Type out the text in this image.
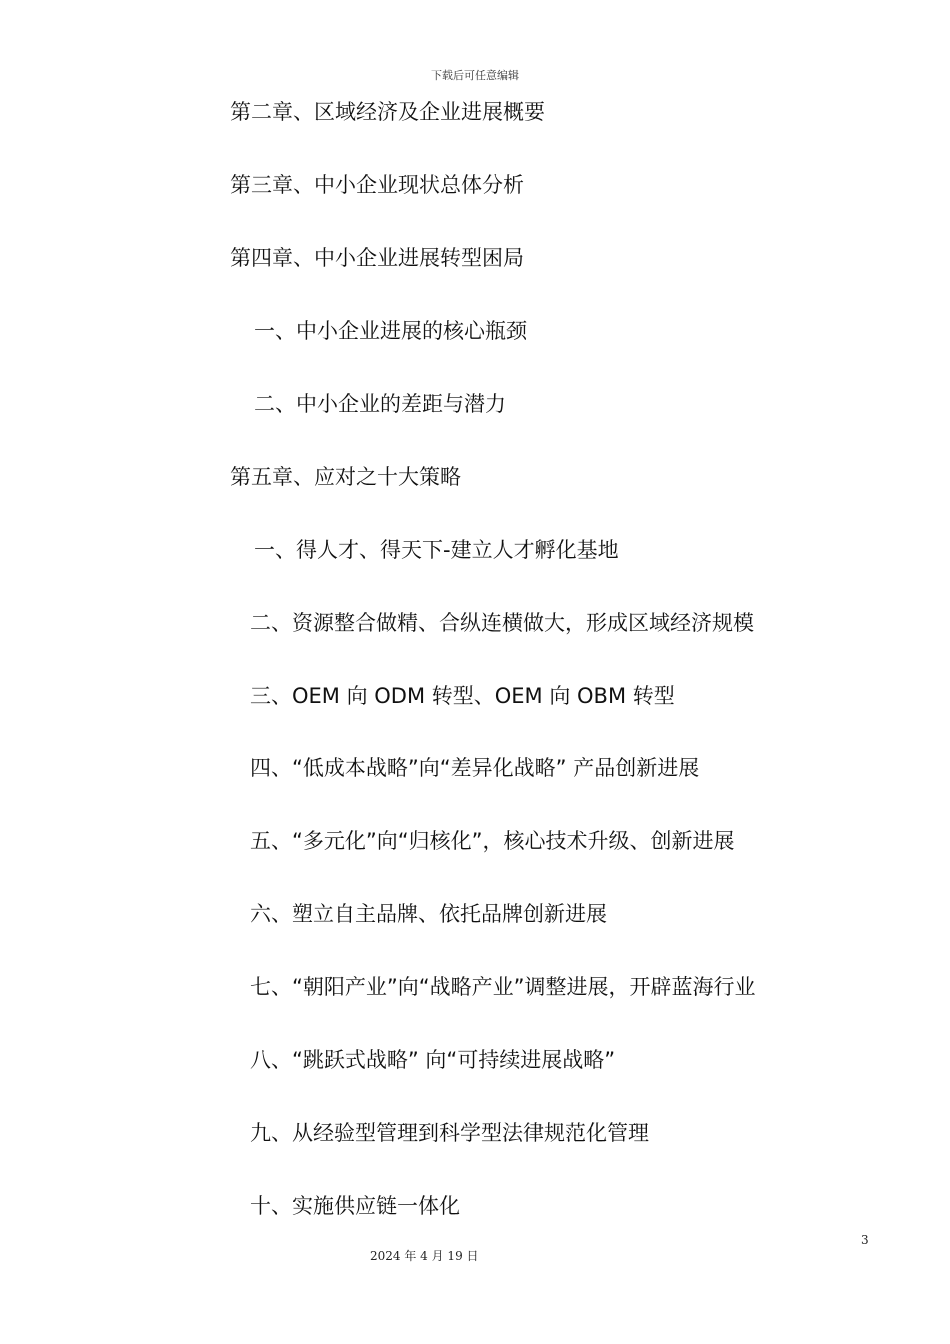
下载后可任意编辑
第二章、区域经济及企业进展概要
第三章、中小企业现状总体分析
第四章、中小企业进展转型困局
一、中小企业进展的核心瓶颈
二、中小企业的差距与潜力
第五章、应对之十大策略
一、得人才、得天下-建立人才孵化基地
二、资源整合做精、合纵连横做大，形成区域经济规模
三、OEM 向 ODM 转型、OEM 向 OBM 转型
四、“低成本战略”向“差异化战略” 产品创新进展
五、“多元化”向“归核化”，核心技术升级、创新进展
六、塑立自主品牌、依托品牌创新进展
七、“朝阳产业”向“战略产业”调整进展，开辟蓝海行业
八、“跳跃式战略” 向“可持续进展战略”
九、从经验型管理到科学型法律规范化管理
十、实施供应链一体化
3
2024 年 4 月 19 日
